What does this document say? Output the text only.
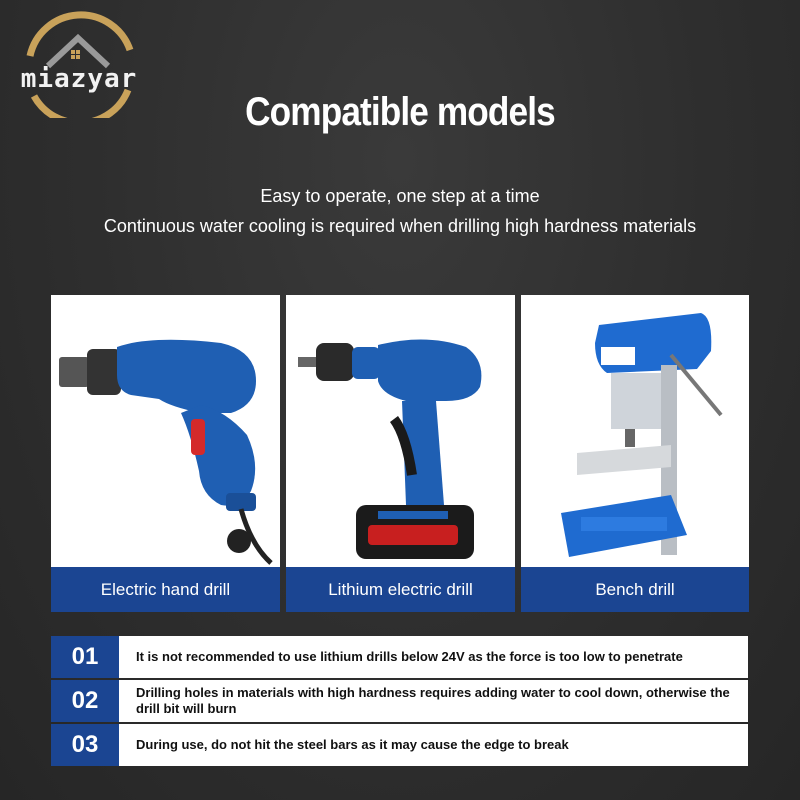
miazyar
Compatible models
Easy to operate, one step at a time
Continuous water cooling is required when drilling high hardness materials
Electric hand drill	Lithium electric drill	Bench drill
01	It is not recommended to use lithium drills below 24V as the force is too low to penetrate
02	Drilling holes in materials with high hardness requires adding water to cool down, otherwise the drill bit will burn
03	During use, do not hit the steel bars as it may cause the edge to break
